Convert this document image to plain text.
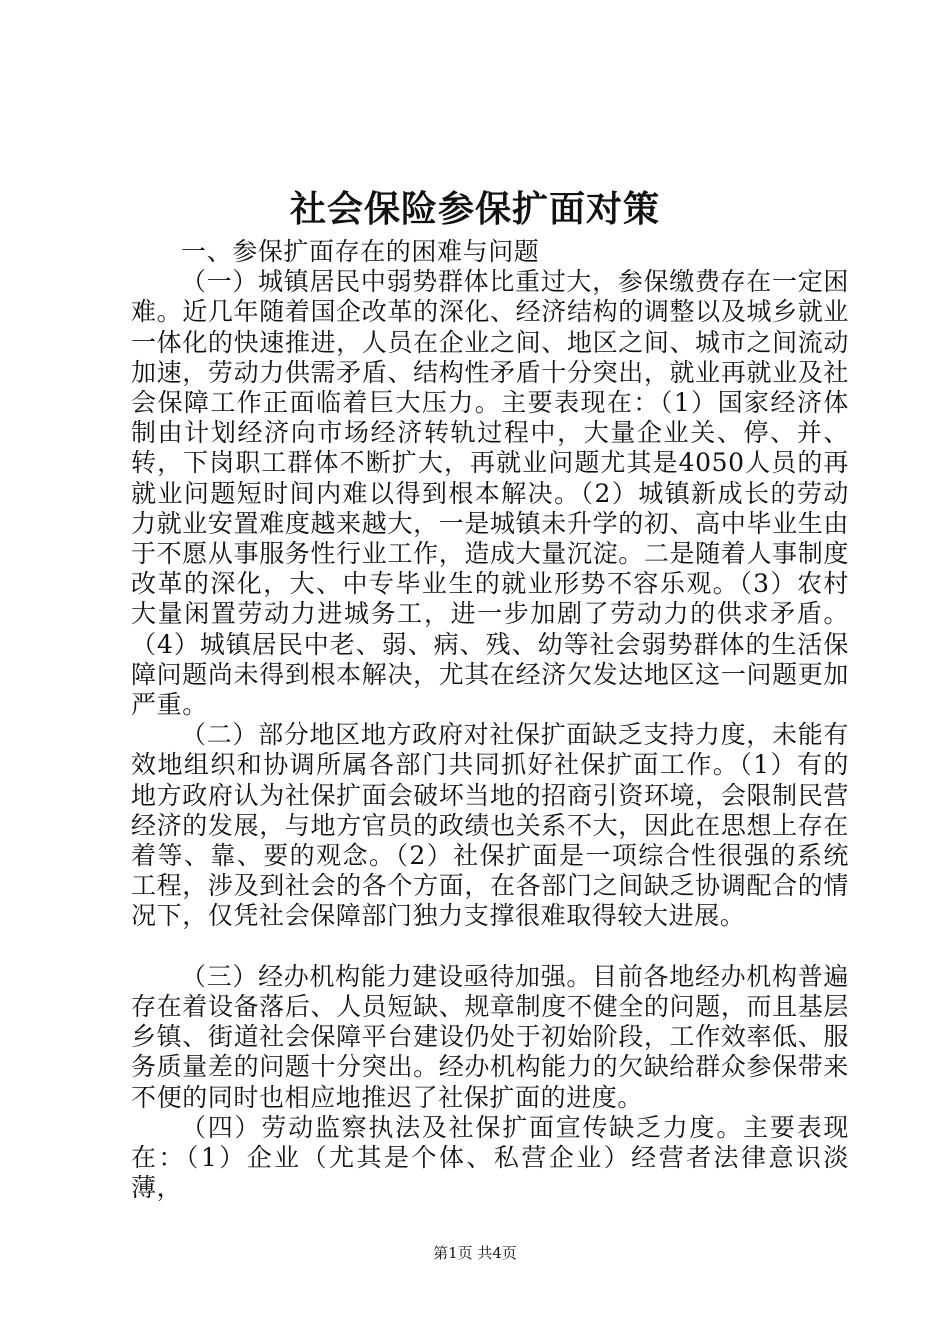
社会保险参保扩面对策

一、参保扩面存在的困难与问题

（一）城镇居民中弱势群体比重过大，参保缴费存在一定困难。近几年随着国企改革的深化、经济结构的调整以及城乡就业一体化的快速推进，人员在企业之间、地区之间、城市之间流动加速，劳动力供需矛盾、结构性矛盾十分突出，就业再就业及社会保障工作正面临着巨大压力。主要表现在：（1）国家经济体制由计划经济向市场经济转轨过程中，大量企业关、停、并、转，下岗职工群体不断扩大，再就业问题尤其是4050人员的再就业问题短时间内难以得到根本解决。（2）城镇新成长的劳动力就业安置难度越来越大，一是城镇未升学的初、高中毕业生由于不愿从事服务性行业工作，造成大量沉淀。二是随着人事制度改革的深化，大、中专毕业生的就业形势不容乐观。（3）农村大量闲置劳动力进城务工，进一步加剧了劳动力的供求矛盾。（4）城镇居民中老、弱、病、残、幼等社会弱势群体的生活保障问题尚未得到根本解决，尤其在经济欠发达地区这一问题更加严重。

（二）部分地区地方政府对社保扩面缺乏支持力度，未能有效地组织和协调所属各部门共同抓好社保扩面工作。（1）有的地方政府认为社保扩面会破坏当地的招商引资环境，会限制民营经济的发展，与地方官员的政绩也关系不大，因此在思想上存在着等、靠、要的观念。（2）社保扩面是一项综合性很强的系统工程，涉及到社会的各个方面，在各部门之间缺乏协调配合的情况下，仅凭社会保障部门独力支撑很难取得较大进展。

（三）经办机构能力建设亟待加强。目前各地经办机构普遍存在着设备落后、人员短缺、规章制度不健全的问题，而且基层乡镇、街道社会保障平台建设仍处于初始阶段，工作效率低、服务质量差的问题十分突出。经办机构能力的欠缺给群众参保带来不便的同时也相应地推迟了社保扩面的进度。

（四）劳动监察执法及社保扩面宣传缺乏力度。主要表现在：（1）企业（尤其是个体、私营企业）经营者法律意识淡薄，

第1页 共4页
